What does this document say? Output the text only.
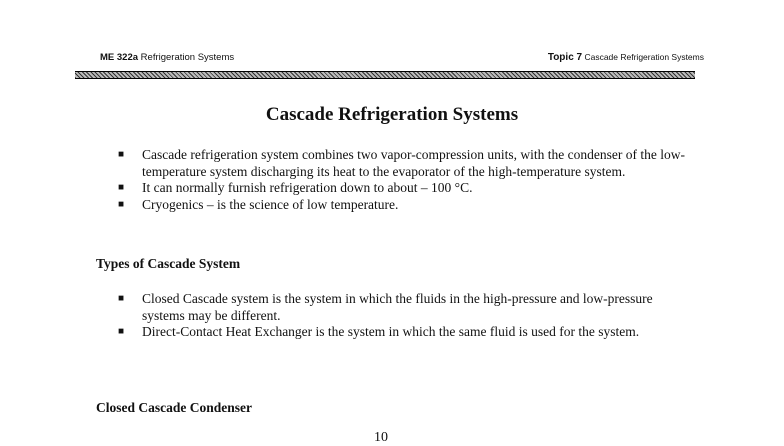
ME 322a Refrigeration Systems	Topic 7 Cascade Refrigeration Systems
Cascade Refrigeration Systems
■ Cascade refrigeration system combines two vapor-compression units, with the condenser of the low-temperature system discharging its heat to the evaporator of the high-temperature system.
■ It can normally furnish refrigeration down to about – 100 °C.
■ Cryogenics – is the science of low temperature.
Types of Cascade System
■ Closed Cascade system is the system in which the fluids in the high-pressure and low-pressure systems may be different.
■ Direct-Contact Heat Exchanger is the system in which the same fluid is used for the system.
Closed Cascade Condenser
10
